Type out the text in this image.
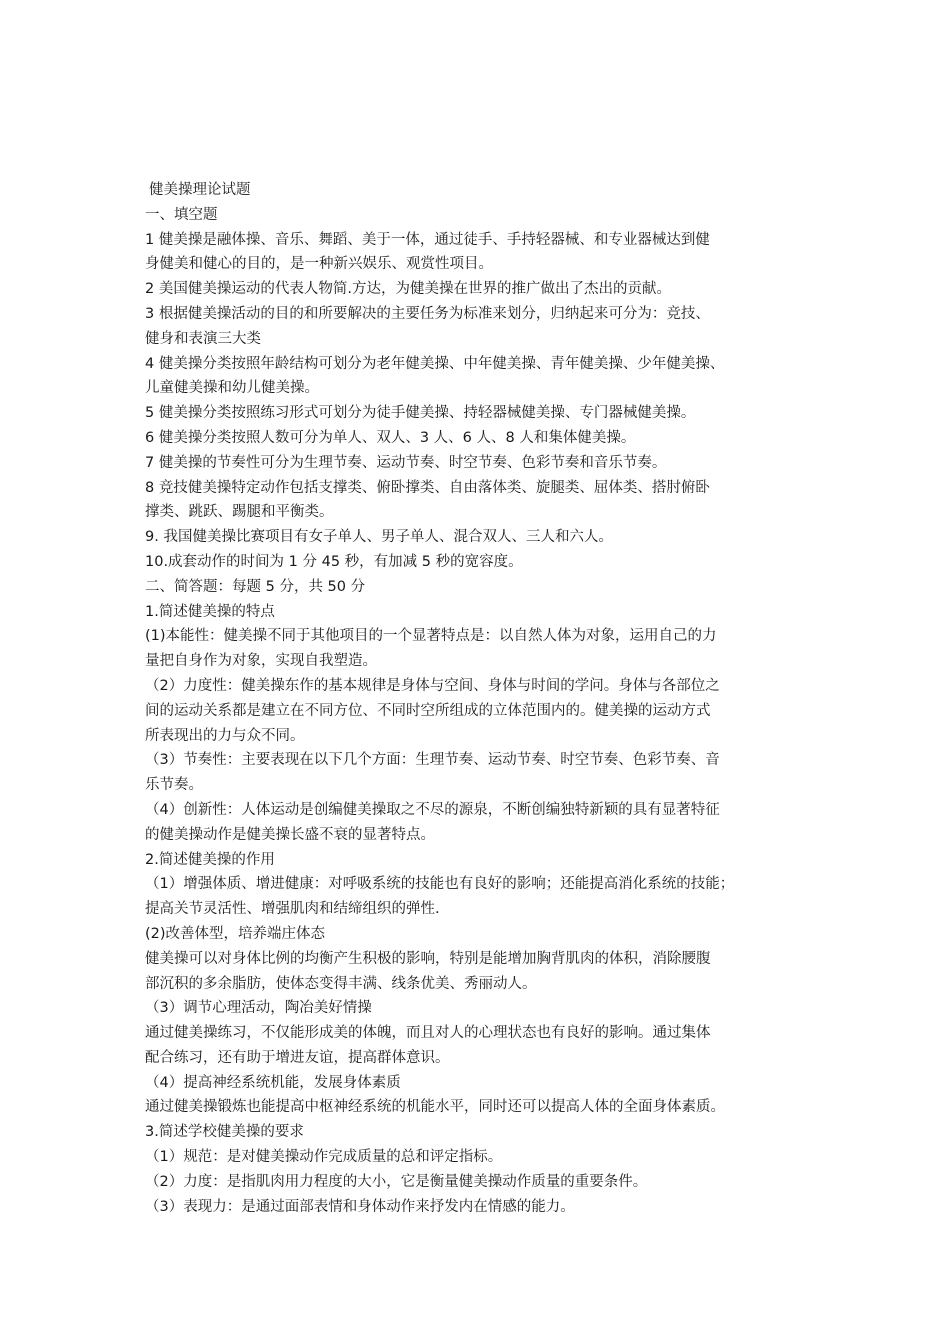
健美操理论试题
一、填空题
1 健美操是融体操、音乐、舞蹈、美于一体，通过徒手、手持轻器械、和专业器械达到健
身健美和健心的目的，是一种新兴娱乐、观赏性项目。
2 美国健美操运动的代表人物简.方达，为健美操在世界的推广做出了杰出的贡献。
3 根据健美操活动的目的和所要解决的主要任务为标准来划分，归纳起来可分为：竞技、
健身和表演三大类
4 健美操分类按照年龄结构可划分为老年健美操、中年健美操、青年健美操、少年健美操、
儿童健美操和幼儿健美操。
5 健美操分类按照练习形式可划分为徒手健美操、持轻器械健美操、专门器械健美操。
6 健美操分类按照人数可分为单人、双人、3 人、6 人、8 人和集体健美操。
7 健美操的节奏性可分为生理节奏、运动节奏、时空节奏、色彩节奏和音乐节奏。
8 竞技健美操特定动作包括支撑类、俯卧撑类、自由落体类、旋腿类、屈体类、搭肘俯卧
撑类、跳跃、踢腿和平衡类。
9. 我国健美操比赛项目有女子单人、男子单人、混合双人、三人和六人。
10.成套动作的时间为 1 分 45 秒，有加减 5 秒的宽容度。
二、简答题：每题 5 分，共 50 分
1.简述健美操的特点
(1)本能性：健美操不同于其他项目的一个显著特点是：以自然人体为对象，运用自己的力
量把自身作为对象，实现自我塑造。
（2）力度性：健美操东作的基本规律是身体与空间、身体与时间的学问。身体与各部位之
间的运动关系都是建立在不同方位、不同时空所组成的立体范围内的。健美操的运动方式
所表现出的力与众不同。
（3）节奏性：主要表现在以下几个方面：生理节奏、运动节奏、时空节奏、色彩节奏、音
乐节奏。
（4）创新性：人体运动是创编健美操取之不尽的源泉，不断创编独特新颖的具有显著特征
的健美操动作是健美操长盛不衰的显著特点。
2.简述健美操的作用
（1）增强体质、增进健康：对呼吸系统的技能也有良好的影响；还能提高消化系统的技能；
提高关节灵活性、增强肌肉和结缔组织的弹性.
(2)改善体型，培养端庄体态
健美操可以对身体比例的均衡产生积极的影响，特别是能增加胸背肌肉的体积，消除腰腹
部沉积的多余脂肪，使体态变得丰满、线条优美、秀丽动人。
（3）调节心理活动，陶冶美好情操
通过健美操练习，不仅能形成美的体魄，而且对人的心理状态也有良好的影响。通过集体
配合练习，还有助于增进友谊，提高群体意识。
（4）提高神经系统机能，发展身体素质
通过健美操锻炼也能提高中枢神经系统的机能水平，同时还可以提高人体的全面身体素质。
3.简述学校健美操的要求
（1）规范：是对健美操动作完成质量的总和评定指标。
（2）力度：是指肌肉用力程度的大小，它是衡量健美操动作质量的重要条件。
（3）表现力：是通过面部表情和身体动作来抒发内在情感的能力。
